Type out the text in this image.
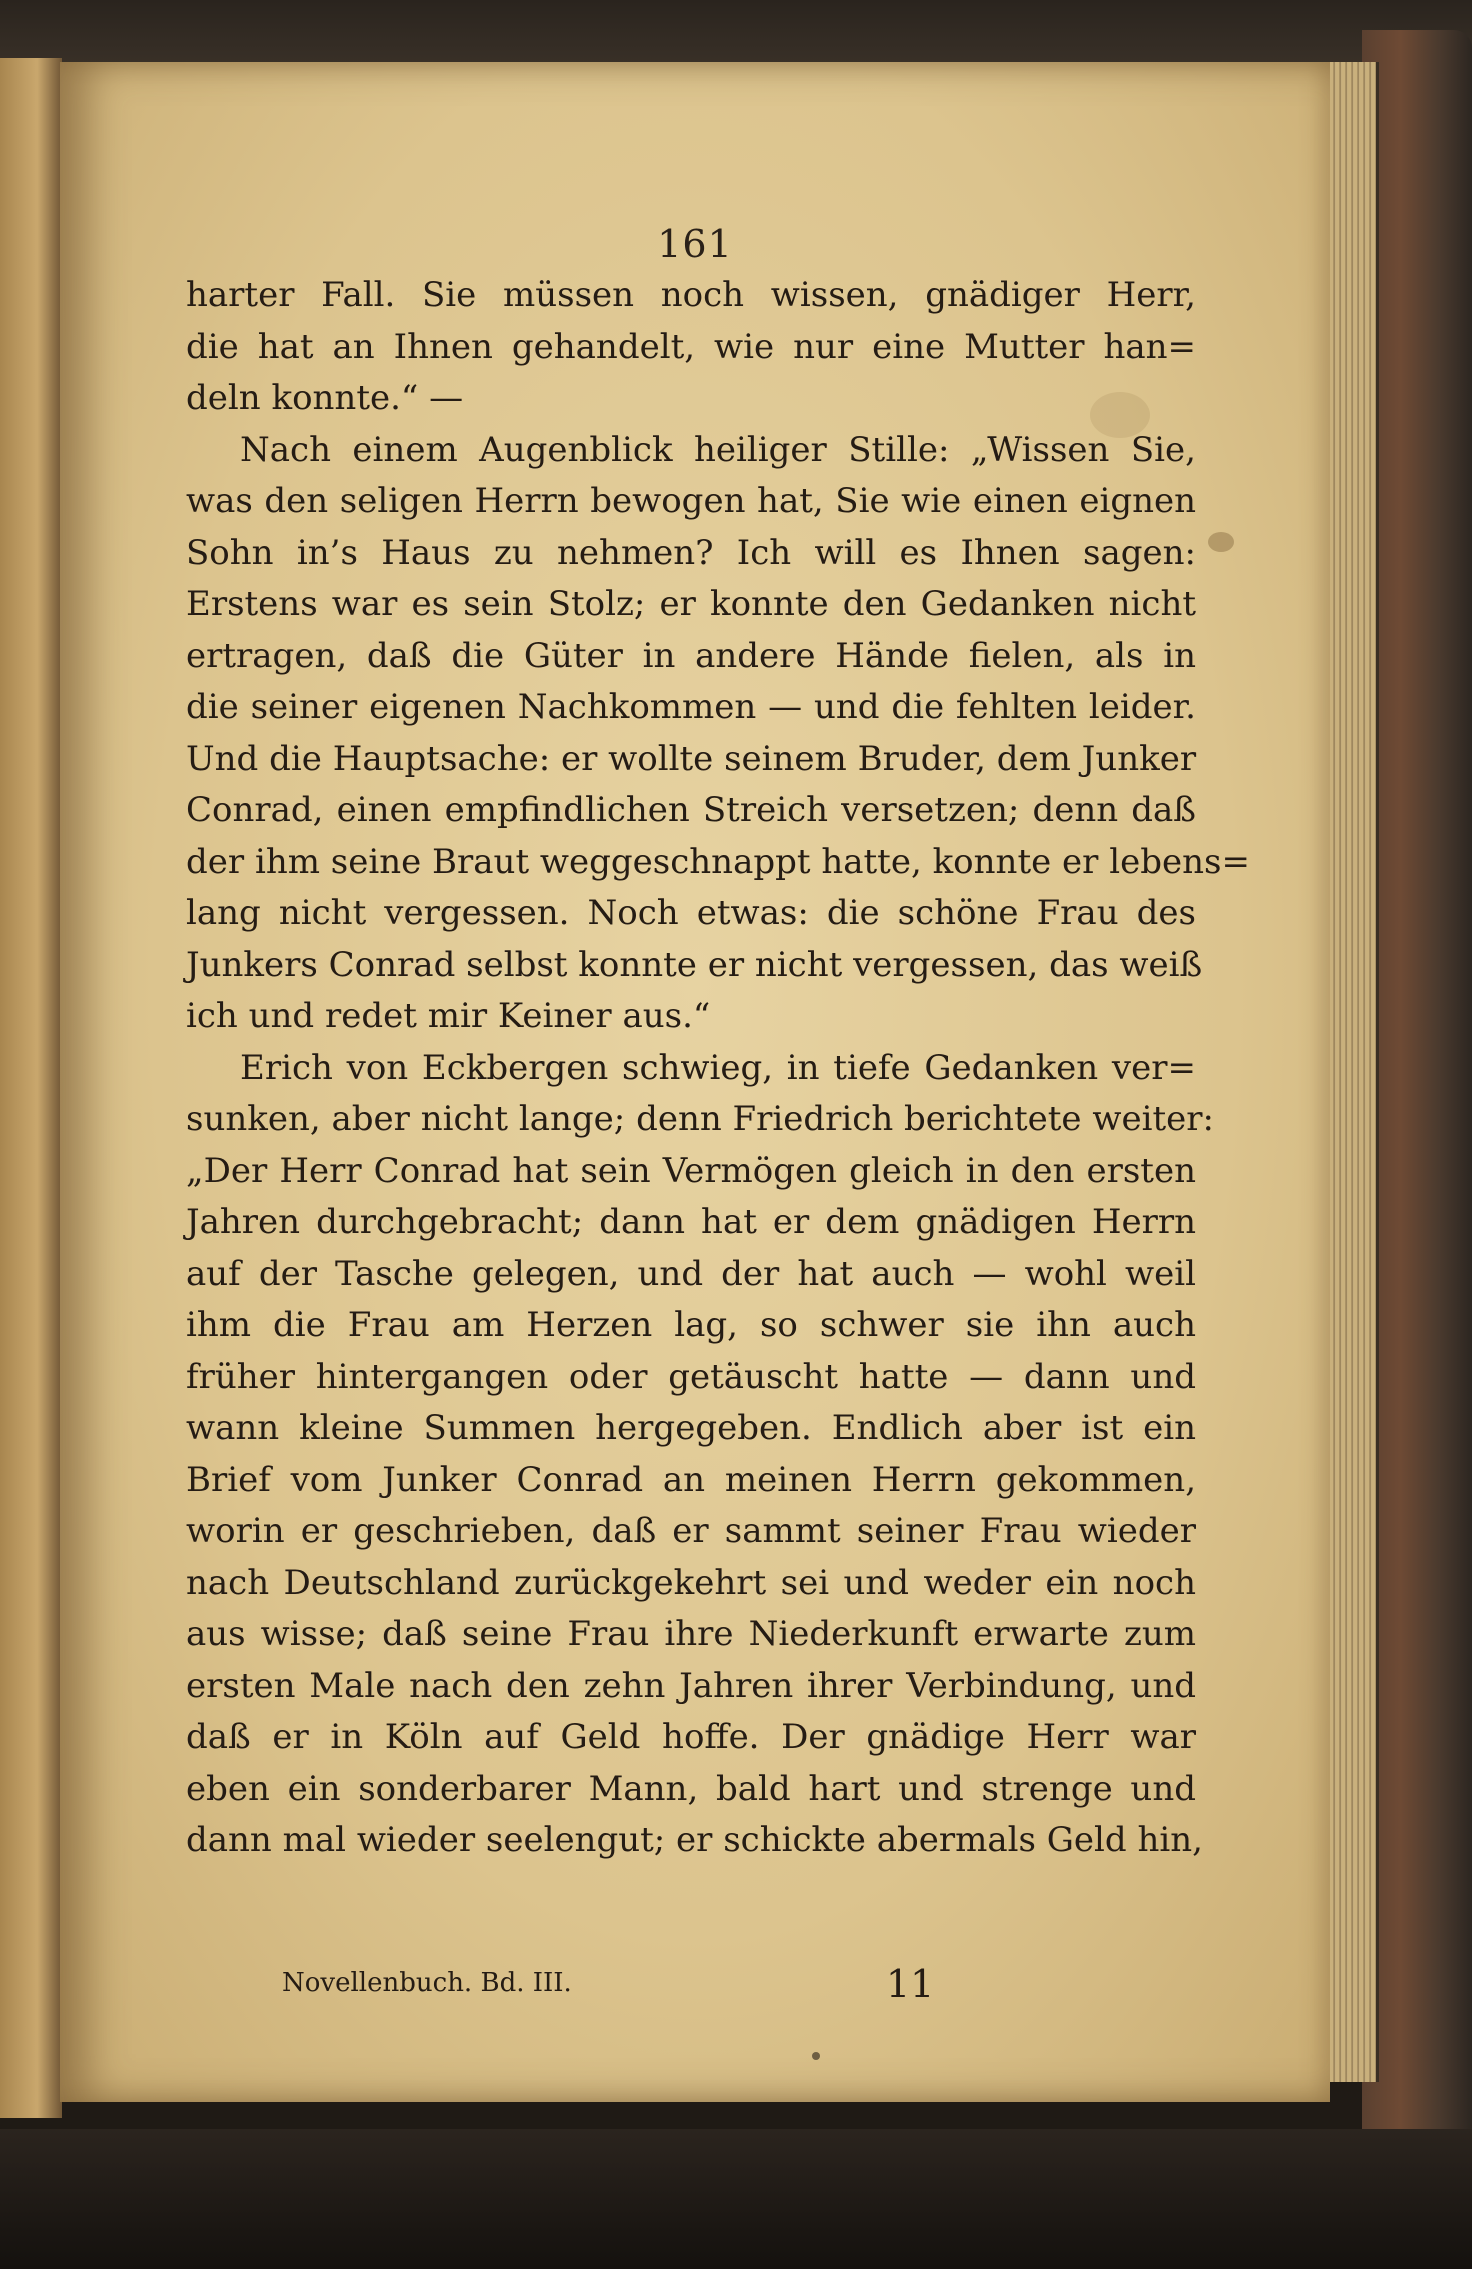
161
harter Fall. Sie müssen noch wissen, gnädiger Herr,
die hat an Ihnen gehandelt, wie nur eine Mutter han=
deln konnte.“ —
Nach einem Augenblick heiliger Stille: „Wissen Sie,
was den seligen Herrn bewogen hat, Sie wie einen eignen
Sohn in’s Haus zu nehmen? Ich will es Ihnen sagen:
Erstens war es sein Stolz; er konnte den Gedanken nicht
ertragen, daß die Güter in andere Hände fielen, als in
die seiner eigenen Nachkommen — und die fehlten leider.
Und die Hauptsache: er wollte seinem Bruder, dem Junker
Conrad, einen empfindlichen Streich versetzen; denn daß
der ihm seine Braut weggeschnappt hatte, konnte er lebens=
lang nicht vergessen. Noch etwas: die schöne Frau des
Junkers Conrad selbst konnte er nicht vergessen, das weiß
ich und redet mir Keiner aus.“
Erich von Eckbergen schwieg, in tiefe Gedanken ver=
sunken, aber nicht lange; denn Friedrich berichtete weiter:
„Der Herr Conrad hat sein Vermögen gleich in den ersten
Jahren durchgebracht; dann hat er dem gnädigen Herrn
auf der Tasche gelegen, und der hat auch — wohl weil
ihm die Frau am Herzen lag, so schwer sie ihn auch
früher hintergangen oder getäuscht hatte — dann und
wann kleine Summen hergegeben. Endlich aber ist ein
Brief vom Junker Conrad an meinen Herrn gekommen,
worin er geschrieben, daß er sammt seiner Frau wieder
nach Deutschland zurückgekehrt sei und weder ein noch
aus wisse; daß seine Frau ihre Niederkunft erwarte zum
ersten Male nach den zehn Jahren ihrer Verbindung, und
daß er in Köln auf Geld hoffe. Der gnädige Herr war
eben ein sonderbarer Mann, bald hart und strenge und
dann mal wieder seelengut; er schickte abermals Geld hin,
Novellenbuch. Bd. III.	11
